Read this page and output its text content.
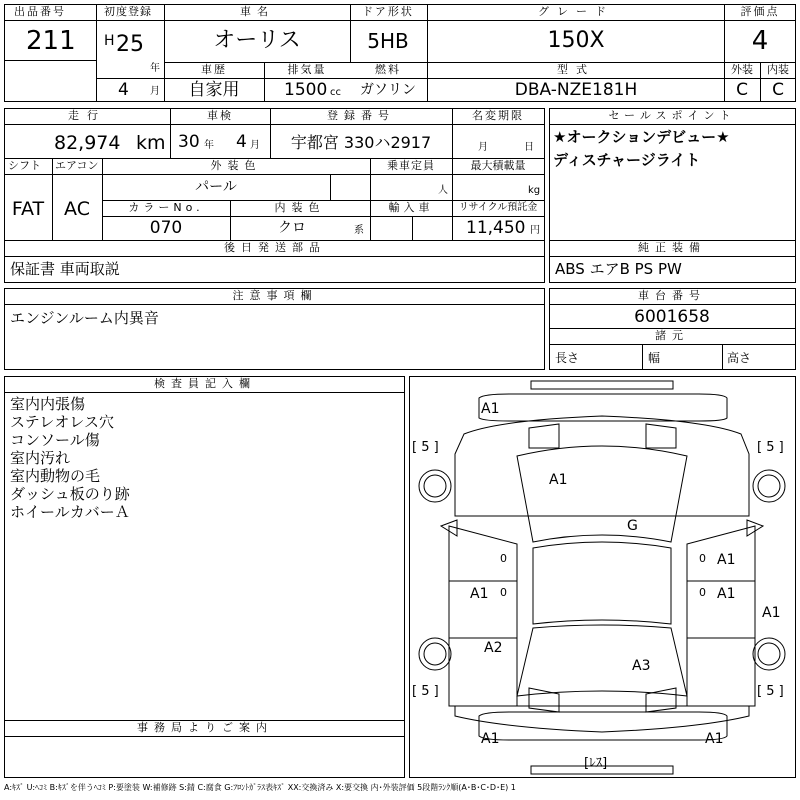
出品番号
211
初度登録
H 25
年
4 月
車名
オーリス
ドア形状
5HB
グレード
150X
評価点
4
車歴
自家用
排気量
1500 cc
燃料
ガソリン
型式
DBA-NZE181H
外装
C
内装
C
走行
82,974 km
車検
30 年 4 月
登録番号
宇都宮 330ハ2917
名変期限
月	日
シフト
FAT
エアコン
AC
外装色
パール
乗車定員
人
最大積載量
kg
カラーNo.
070
内装色
クロ	系
輸入車	リサイクル預託金
11,450 円
後日発送部品
保証書 車両取説
セールスポイント
★オークションデビュー★
ディスチャージライト
純正装備
ABS エアB PS PW
注意事項欄
エンジンルーム内異音
車台番号
6001658
諸元
長さ	幅	高さ
検査員記入欄
室内内張傷
ステレオレス穴
コンソール傷
室内汚れ
室内動物の毛
ダッシュ板のり跡
ホイールカバーＡ
事務局よりご案内
A1
A1
G
A1
A1	A1
A1
A2
A3
A1	A1
0
0
0
0
[ 5 ]	[ 5 ]
[ 5 ]	[ 5 ]
[ﾚｽ]
A:ｷｽﾞ U:ﾍｺﾐ B:ｷｽﾞを伴うﾍｺﾐ P:要塗装 W:補修跡 S:錆 C:腐食 G:ﾌﾛﾝﾄｶﾞﾗｽ表ｷｽﾞ XX:交換済み X:要交換 内･外装評価 5段階ﾗﾝｸ順(A･B･C･D･E) 1
